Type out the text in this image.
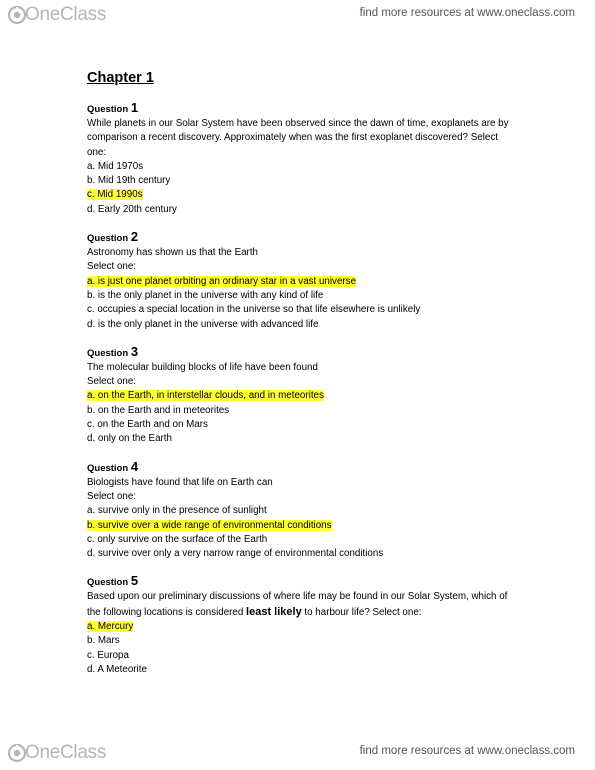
OneClass	find more resources at www.oneclass.com
Chapter 1
Question 1
While planets in our Solar System have been observed since the dawn of time, exoplanets are by
comparison a recent discovery. Approximately when was the first exoplanet discovered? Select
one:
a. Mid 1970s
b. Mid 19th century
c. Mid 1990s
d. Early 20th century
Question 2
Astronomy has shown us that the Earth
Select one:
a. is just one planet orbiting an ordinary star in a vast universe
b. is the only planet in the universe with any kind of life
c. occupies a special location in the universe so that life elsewhere is unlikely
d. is the only planet in the universe with advanced life
Question 3
The molecular building blocks of life have been found
Select one:
a. on the Earth, in interstellar clouds, and in meteorites
b. on the Earth and in meteorites
c. on the Earth and on Mars
d. only on the Earth
Question 4
Biologists have found that life on Earth can
Select one:
a. survive only in the presence of sunlight
b. survive over a wide range of environmental conditions
c. only survive on the surface of the Earth
d. survive over only a very narrow range of environmental conditions
Question 5
Based upon our preliminary discussions of where life may be found in our Solar System, which of
the following locations is considered least likely to harbour life? Select one:
a. Mercury
b. Mars
c. Europa
d. A Meteorite
OneClass	find more resources at www.oneclass.com
